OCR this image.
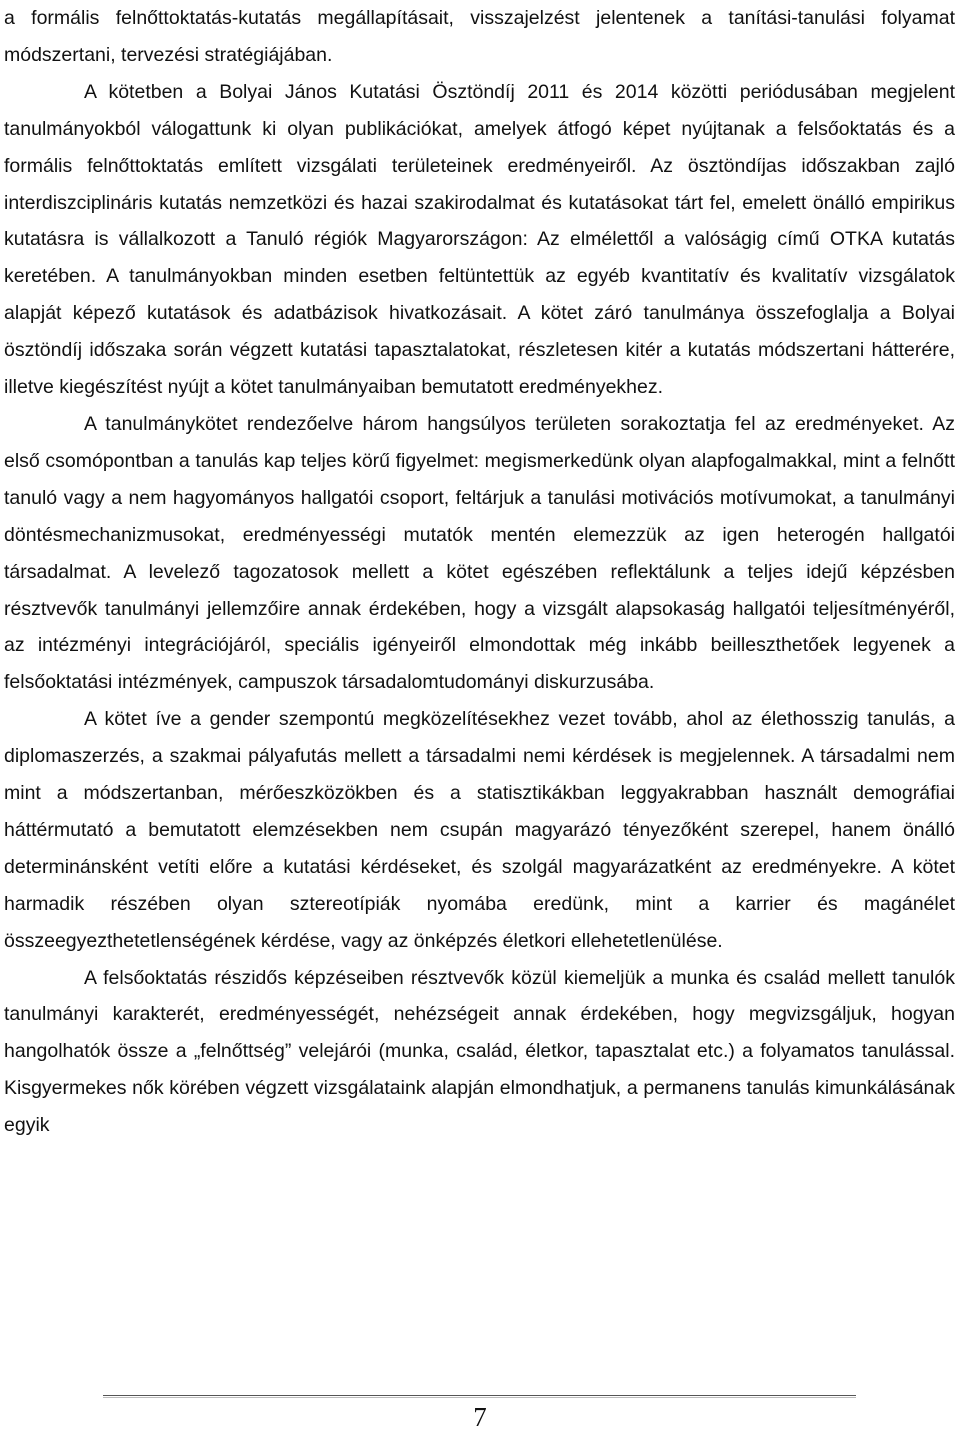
a formális felnőttoktatás-kutatás megállapításait, visszajelzést jelentenek a tanítási-tanulási folyamat módszertani, tervezési stratégiájában.

A kötetben a Bolyai János Kutatási Ösztöndíj 2011 és 2014 közötti periódusában megjelent tanulmányokból válogattunk ki olyan publikációkat, amelyek átfogó képet nyújtanak a felsőoktatás és a formális felnőttoktatás említett vizsgálati területeinek eredményeiről. Az ösztöndíjas időszakban zajló interdiszciplináris kutatás nemzetközi és hazai szakirodalmat és kutatásokat tárt fel, emelett önálló empirikus kutatásra is vállalkozott a Tanuló régiók Magyarországon: Az elmélettől a valóságig című OTKA kutatás keretében. A tanulmányokban minden esetben feltüntettük az egyéb kvantitatív és kvalitatív vizsgálatok alapját képező kutatások és adatbázisok hivatkozásait. A kötet záró tanulmánya összefoglalja a Bolyai ösztöndíj időszaka során végzett kutatási tapasztalatokat, részletesen kitér a kutatás módszertani hátterére, illetve kiegészítést nyújt a kötet tanulmányaiban bemutatott eredményekhez.

A tanulmánykötet rendezőelve három hangsúlyos területen sorakoztatja fel az eredményeket. Az első csomópontban a tanulás kap teljes körű figyelmet: megismerkedünk olyan alapfogalmakkal, mint a felnőtt tanuló vagy a nem hagyományos hallgatói csoport, feltárjuk a tanulási motivációs motívumokat, a tanulmányi döntésmechanizmusokat, eredményességi mutatók mentén elemezzük az igen heterogén hallgatói társadalmat. A levelező tagozatosok mellett a kötet egészében reflektálunk a teljes idejű képzésben résztvevők tanulmányi jellemzőire annak érdekében, hogy a vizsgált alapsokaság hallgatói teljesítményéről, az intézményi integrációjáról, speciális igényeiről elmondottak még inkább beilleszthetőek legyenek a felsőoktatási intézmények, campuszok társadalomtudományi diskurzusába.

A kötet íve a gender szempontú megközelítésekhez vezet tovább, ahol az élethosszig tanulás, a diplomaszerzés, a szakmai pályafutás mellett a társadalmi nemi kérdések is megjelennek. A társadalmi nem mint a módszertanban, mérőeszközökben és a statisztikákban leggyakrabban használt demográfiai háttérmutató a bemutatott elemzésekben nem csupán magyarázó tényezőként szerepel, hanem önálló determinánsként vetíti előre a kutatási kérdéseket, és szolgál magyarázatként az eredményekre. A kötet harmadik részében olyan sztereotípiák nyomába eredünk, mint a karrier és magánélet összeegyezthetetlenségének kérdése, vagy az önképzés életkori ellehetetlenülése.

A felsőoktatás részidős képzéseiben résztvevők közül kiemeljük a munka és család mellett tanulók tanulmányi karakterét, eredményességét, nehézségeit annak érdekében, hogy megvizsgáljuk, hogyan hangolhatók össze a „felnőttség” velejárói (munka, család, életkor, tapasztalat etc.) a folyamatos tanulással. Kisgyermekes nők körében végzett vizsgálataink alapján elmondhatjuk, a permanens tanulás kimunkálásának egyik

7
